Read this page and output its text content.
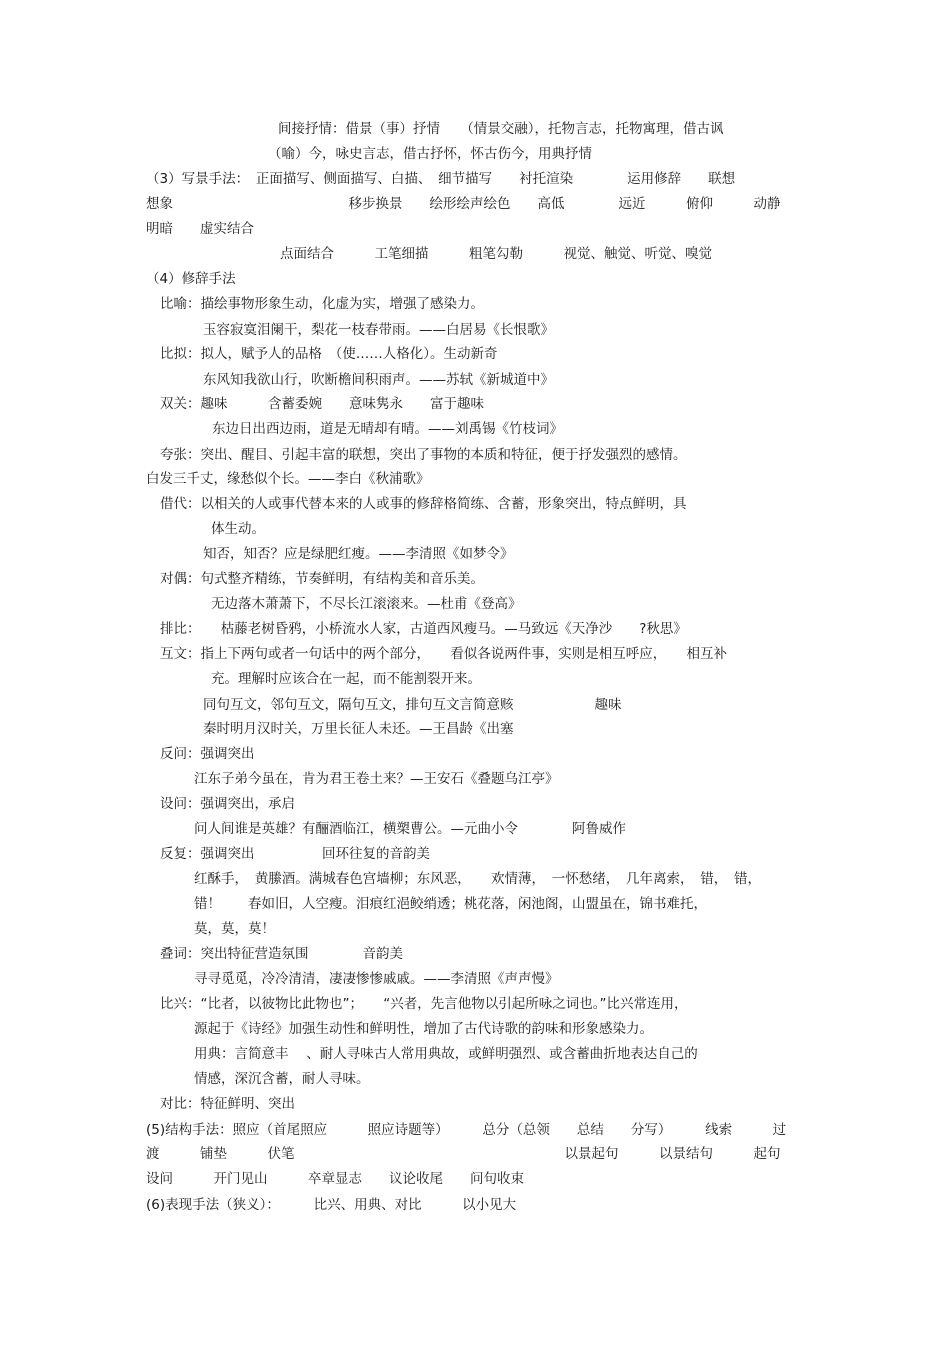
间接抒情：借景（事）抒情　　（情景交融），托物言志，托物寓理，借古讽
（喻）今，咏史言志，借古抒怀，怀古伤今，用典抒情
（3）写景手法：　正面描写、侧面描写、白描、　细节描写　　衬托渲染　　　　运用修辞　　联想
想象　　　　　　　　　　　　　移步换景　　绘形绘声绘色　　高低　　　　远近　　　俯仰　　　动静
明暗　　虚实结合
点面结合　　　工笔细描　　　粗笔勾勒　　　视觉、触觉、听觉、嗅觉
（4）修辞手法
比喻：描绘事物形象生动，化虚为实，增强了感染力。
玉容寂寞泪阑干，梨花一枝春带雨。——白居易《长恨歌》
比拟：拟人，赋予人的品格　（使……人格化）。生动新奇
东风知我欲山行，吹断檐间积雨声。——苏轼《新城道中》
双关：趣味　　　含蓄委婉　　意味隽永　　富于趣味
东边日出西边雨，道是无晴却有晴。——刘禹锡《竹枝词》
夸张：突出、醒目、引起丰富的联想，突出了事物的本质和特征，便于抒发强烈的感情。
白发三千丈，缘愁似个长。——李白《秋浦歌》
借代：以相关的人或事代替本来的人或事的修辞格简练、含蓄，形象突出，特点鲜明，具
体生动。
知否，知否？应是绿肥红瘦。——李清照《如梦令》
对偶：句式整齐精练，节奏鲜明，有结构美和音乐美。
无边落木萧萧下，不尽长江滚滚来。—杜甫《登高》
排比：　　枯藤老树昏鸦，小桥流水人家，古道西风瘦马。—马致远《天净沙　　?秋思》
互文：指上下两句或者一句话中的两个部分，　　看似各说两件事，实则是相互呼应，　　相互补
充。理解时应该合在一起，而不能割裂开来。
同句互文，邻句互文，隔句互文，排句互文言简意赅　　　　　　趣味
秦时明月汉时关，万里长征人未还。—王昌龄《出塞
反问：强调突出
江东子弟今虽在，肯为君王卷土来？—王安石《叠题乌江亭》
设问：强调突出，承启
问人间谁是英雄？有酾酒临江，横槊曹公。—元曲小令　　　　阿鲁威作
反复：强调突出　　　　　回环往复的音韵美
红酥手，　黄縢酒。满城春色宫墙柳；东风恶，　　欢情薄，　一怀愁绪，　几年离索，　错，　错，
错！　　春如旧，人空瘦。泪痕红浥鲛绡透；桃花落，闲池阁，山盟虽在，锦书难托，
莫，莫，莫！
叠词：突出特征营造氛围　　　　音韵美
寻寻觅觅，冷冷清清，凄凄惨惨戚戚。——李清照《声声慢》
比兴：“比者，以彼物比此物也”；　　“兴者，先言他物以引起所咏之词也。”比兴常连用，
源起于《诗经》加强生动性和鲜明性，增加了古代诗歌的韵味和形象感染力。
用典：言简意丰　 、耐人寻味古人常用典故，或鲜明强烈、或含蓄曲折地表达自己的
情感，深沉含蓄，耐人寻味。
对比：特征鲜明、突出
(5)结构手法：照应（首尾照应　　　照应诗题等）　　　总分（总领　　总结　　分写）　　　线索　　　过
渡　　　铺垫　　　伏笔　　　　　　　　　　　　　　　　　　　　以景起句　　　以景结句　　　起句
设问　　　开门见山　　　卒章显志　　议论收尾　　问句收束
(6)表现手法（狭义）：　　　比兴、用典、对比　　　以小见大
